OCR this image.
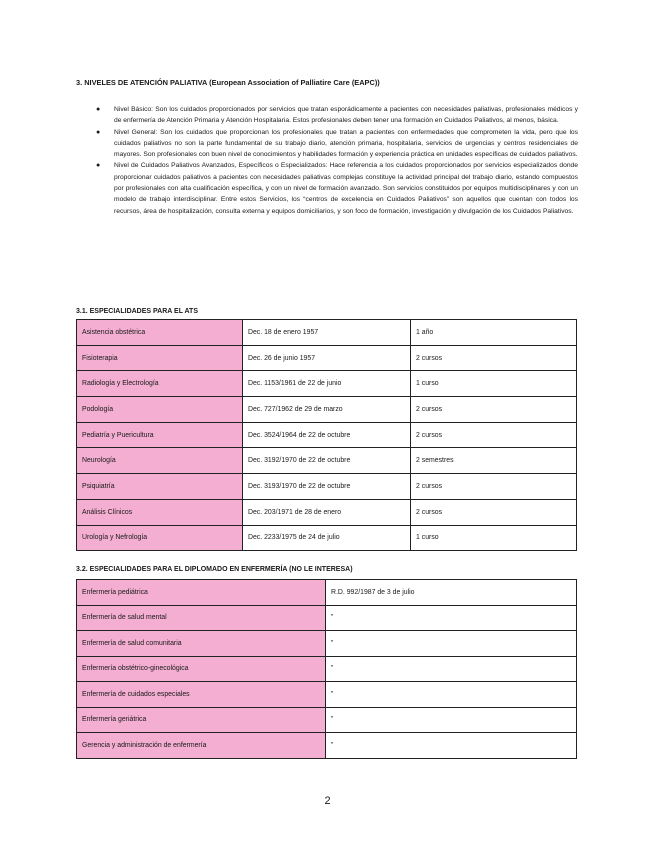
3. NIVELES DE ATENCIÓN PALIATIVA (European Association of Palliatire Care (EAPC))
● Nivel Básico: Son los cuidados proporcionados por servicios que tratan esporádicamente a pacientes con necesidades paliativas, profesionales médicos y de enfermería de Atención Primaria y Atención Hospitalaria. Estos profesionales deben tener una formación en Cuidados Paliativos, al menos, básica.
● Nivel General: Son los cuidados que proporcionan los profesionales que tratan a pacientes con enfermedades que comprometen la vida, pero que los cuidados paliativos no son la parte fundamental de su trabajo diario, atención primaria, hospitalaria, servicios de urgencias y centros residenciales de mayores. Son profesionales con buen nivel de conocimientos y habilidades formación y experiencia práctica en unidades específicas de cuidados paliativos.
● Nivel de Cuidados Paliativos Avanzados, Específicos o Especializados: Hace referencia a los cuidados proporcionados por servicios especializados donde proporcionar cuidados paliativos a pacientes con necesidades paliativas complejas constituye la actividad principal del trabajo diario, estando compuestos por profesionales con alta cualificación específica, y con un nivel de formación avanzado. Son servicios constituidos por equipos multidisciplinares y con un modelo de trabajo interdisciplinar. Entre estos Servicios, los “centros de excelencia en Cuidados Paliativos” son aquellos que cuentan con todos los recursos, área de hospitalización, consulta externa y equipos domiciliarios, y son foco de formación, investigación y divulgación de los Cuidados Paliativos.
3.1. ESPECIALIDADES PARA EL ATS
Asistencia obstétrica	Dec. 18 de enero 1957	1 año
Fisioterapia	Dec. 26 de junio 1957	2 cursos
Radiología y Electrología	Dec. 1153/1961 de 22 de junio	1 curso
Podología	Dec. 727/1962 de 29 de marzo	2 cursos
Pediatría y Puericultura	Dec. 3524/1964 de 22 de octubre	2 cursos
Neurología	Dec. 3192/1970 de 22 de octubre	2 semestres
Psiquiatría	Dec. 3193/1970 de 22 de octubre	2 cursos
Análisis Clínicos	Dec. 203/1971 de 28 de enero	2 cursos
Urología y Nefrología	Dec. 2233/1975 de 24 de julio	1 curso
3.2. ESPECIALIDADES PARA EL DIPLOMADO EN ENFERMERÍA (NO LE INTERESA)
Enfermería pediátrica	R.D. 992/1987 de 3 de julio
Enfermería de salud mental	”
Enfermería de salud comunitaria	”
Enfermería obstétrico-ginecológica	”
Enfermería de cuidados especiales	”
Enfermería geriátrica	”
Gerencia y administración de enfermería	”
2
